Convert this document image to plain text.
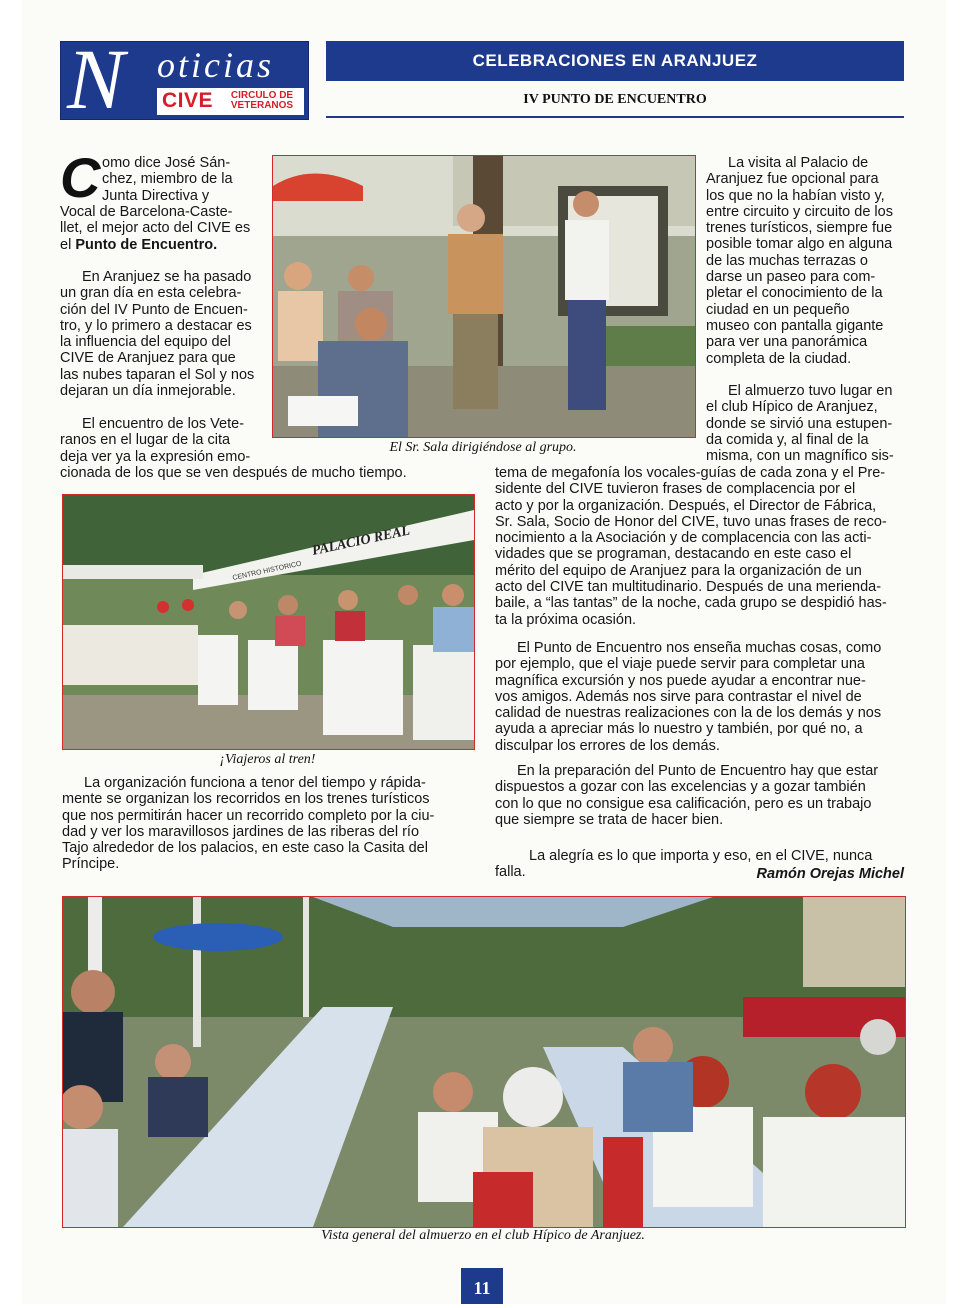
N oticias
CIVE	CIRCULO DE
VETERANOS
CELEBRACIONES EN ARANJUEZ
IV PUNTO DE ENCUENTRO
C omo dice José Sán-
chez, miembro de la
Junta Directiva y
Vocal de Barcelona-Caste-
llet, el mejor acto del CIVE es
el Punto de Encuentro.
En Aranjuez se ha pasado
un gran día en esta celebra-
ción del IV Punto de Encuen-
tro, y lo primero a destacar es
la influencia del equipo del
CIVE de Aranjuez para que
las nubes taparan el Sol y nos
dejaran un día inmejorable.
El encuentro de los Vete-
ranos en el lugar de la cita
deja ver ya la expresión emo-
cionada de los que se ven después de mucho tiempo.
El Sr. Sala dirigiéndose al grupo.
La visita al Palacio de
Aranjuez fue opcional para
los que no la habían visto y,
entre circuito y circuito de los
trenes turísticos, siempre fue
posible tomar algo en alguna
de las muchas terrazas o
darse un paseo para com-
pletar el conocimiento de la
ciudad en un pequeño
museo con pantalla gigante
para ver una panorámica
completa de la ciudad.
El almuerzo tuvo lugar en
el club Hípico de Aranjuez,
donde se sirvió una estupen-
da comida y, al final de la
misma, con un magnífico sis-
tema de megafonía los vocales-guías de cada zona y el Pre-
sidente del CIVE tuvieron frases de complacencia por el
acto y por la organización. Después, el Director de Fábrica,
Sr. Sala, Socio de Honor del CIVE, tuvo unas frases de reco-
nocimiento a la Asociación y de complacencia con las acti-
vidades que se programan, destacando en este caso el
mérito del equipo de Aranjuez para la organización de un
acto del CIVE tan multitudinario. Después de una merienda-
baile, a “las tantas” de la noche, cada grupo se despidió has-
ta la próxima ocasión.
El Punto de Encuentro nos enseña muchas cosas, como
por ejemplo, que el viaje puede servir para completar una
magnífica excursión y nos puede ayudar a encontrar nue-
vos amigos. Además nos sirve para contrastar el nivel de
calidad de nuestras realizaciones con la de los demás y nos
ayuda a apreciar más lo nuestro y también, por qué no, a
disculpar los errores de los demás.
En la preparación del Punto de Encuentro hay que estar
dispuestos a gozar con las excelencias y a gozar también
con lo que no consigue esa calificación, pero es un trabajo
que siempre se trata de hacer bien.
La alegría es lo que importa y eso, en el CIVE, nunca
falla.	Ramón Orejas Michel
PALACIO REAL
CENTRO HISTORICO
¡Viajeros al tren!
La organización funciona a tenor del tiempo y rápida-
mente se organizan los recorridos en los trenes turísticos
que nos permitirán hacer un recorrido completo por la ciu-
dad y ver los maravillosos jardines de las riberas del río
Tajo alrededor de los palacios, en este caso la Casita del
Príncipe.
Vista general del almuerzo en el club Hípico de Aranjuez.
11
